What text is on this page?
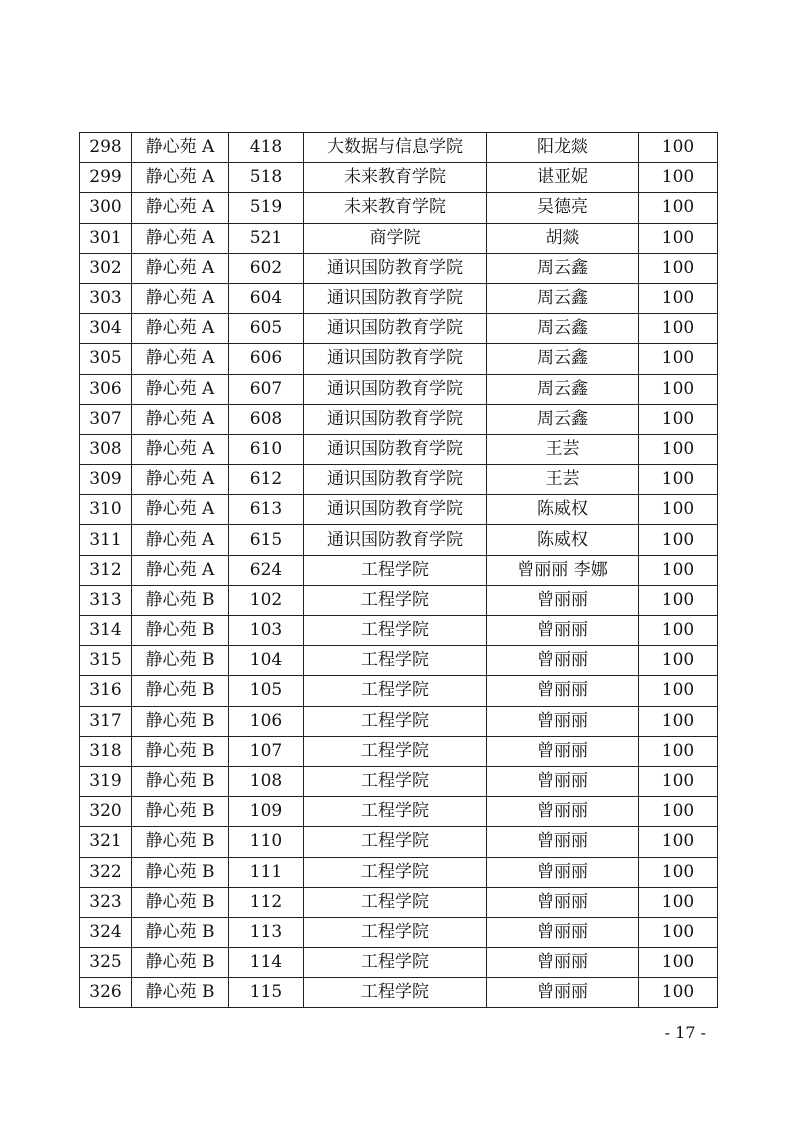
298	静心苑 A	418	大数据与信息学院	阳龙燚	100
299	静心苑 A	518	未来教育学院	谌亚妮	100
300	静心苑 A	519	未来教育学院	吴德亮	100
301	静心苑 A	521	商学院	胡燚	100
302	静心苑 A	602	通识国防教育学院	周云鑫	100
303	静心苑 A	604	通识国防教育学院	周云鑫	100
304	静心苑 A	605	通识国防教育学院	周云鑫	100
305	静心苑 A	606	通识国防教育学院	周云鑫	100
306	静心苑 A	607	通识国防教育学院	周云鑫	100
307	静心苑 A	608	通识国防教育学院	周云鑫	100
308	静心苑 A	610	通识国防教育学院	王芸	100
309	静心苑 A	612	通识国防教育学院	王芸	100
310	静心苑 A	613	通识国防教育学院	陈威权	100
311	静心苑 A	615	通识国防教育学院	陈威权	100
312	静心苑 A	624	工程学院	曾丽丽 李娜	100
313	静心苑 B	102	工程学院	曾丽丽	100
314	静心苑 B	103	工程学院	曾丽丽	100
315	静心苑 B	104	工程学院	曾丽丽	100
316	静心苑 B	105	工程学院	曾丽丽	100
317	静心苑 B	106	工程学院	曾丽丽	100
318	静心苑 B	107	工程学院	曾丽丽	100
319	静心苑 B	108	工程学院	曾丽丽	100
320	静心苑 B	109	工程学院	曾丽丽	100
321	静心苑 B	110	工程学院	曾丽丽	100
322	静心苑 B	111	工程学院	曾丽丽	100
323	静心苑 B	112	工程学院	曾丽丽	100
324	静心苑 B	113	工程学院	曾丽丽	100
325	静心苑 B	114	工程学院	曾丽丽	100
326	静心苑 B	115	工程学院	曾丽丽	100
- 17 -
